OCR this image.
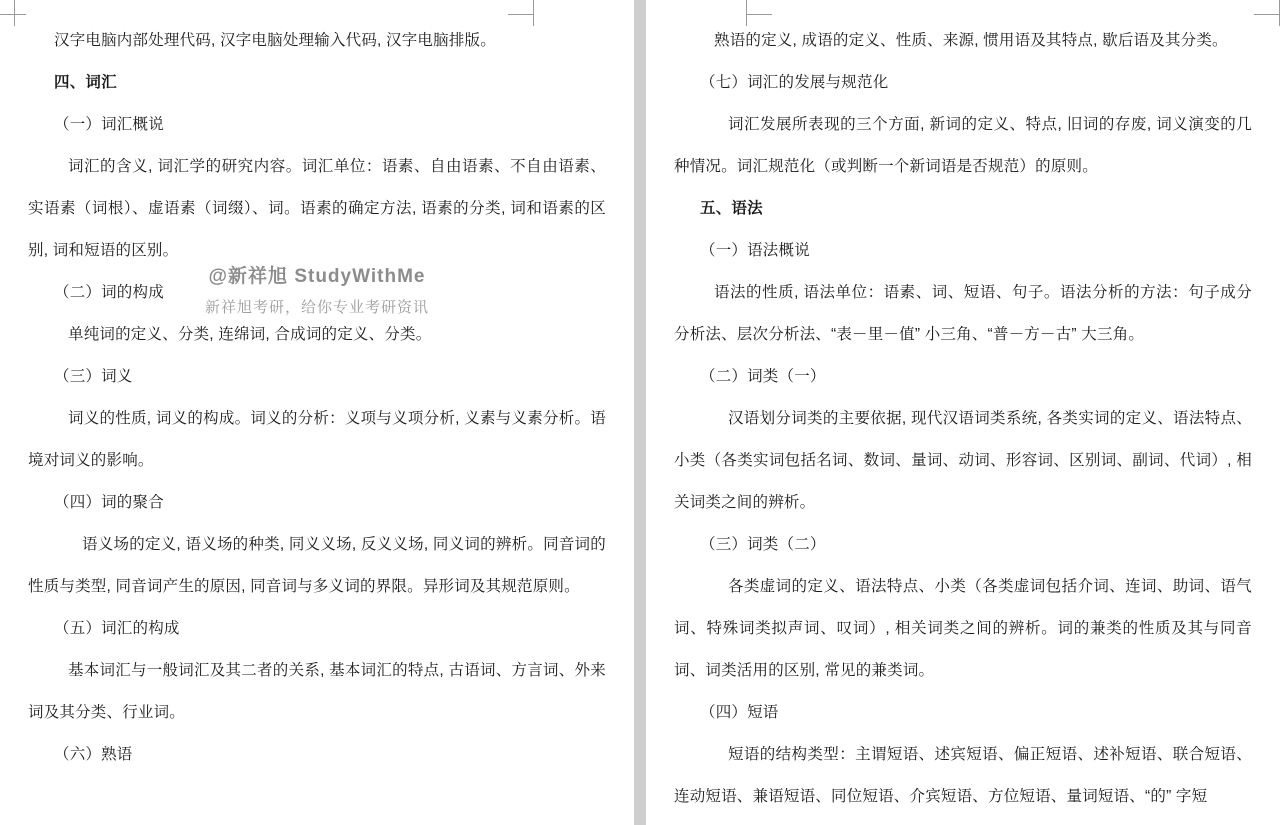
汉字电脑内部处理代码, 汉字电脑处理输入代码, 汉字电脑排版。

四、词汇

（一）词汇概说

词汇的含义, 词汇学的研究内容。词汇单位：语素、自由语素、不自由语素、实语素（词根）、虚语素（词缀）、词。语素的确定方法, 语素的分类, 词和语素的区别, 词和短语的区别。

（二）词的构成

单纯词的定义、分类, 连绵词, 合成词的定义、分类。

（三）词义

词义的性质, 词义的构成。词义的分析：义项与义项分析, 义素与义素分析。语境对词义的影响。

（四）词的聚合

语义场的定义, 语义场的种类, 同义义场, 反义义场, 同义词的辨析。同音词的性质与类型, 同音词产生的原因, 同音词与多义词的界限。异形词及其规范原则。

（五）词汇的构成

基本词汇与一般词汇及其二者的关系, 基本词汇的特点, 古语词、方言词、外来词及其分类、行业词。

（六）熟语

@新祥旭 StudyWithMe
新祥旭考研，给你专业考研资讯

熟语的定义, 成语的定义、性质、来源, 惯用语及其特点, 歇后语及其分类。

（七）词汇的发展与规范化

词汇发展所表现的三个方面, 新词的定义、特点, 旧词的存废, 词义演变的几种情况。词汇规范化（或判断一个新词语是否规范）的原则。

五、语法

（一）语法概说

语法的性质, 语法单位：语素、词、短语、句子。语法分析的方法：句子成分分析法、层次分析法、“表－里－值” 小三角、“普－方－古” 大三角。

（二）词类（一）

汉语划分词类的主要依据, 现代汉语词类系统, 各类实词的定义、语法特点、小类（各类实词包括名词、数词、量词、动词、形容词、区别词、副词、代词）, 相关词类之间的辨析。

（三）词类（二）

各类虚词的定义、语法特点、小类（各类虚词包括介词、连词、助词、语气词、特殊词类拟声词、叹词）, 相关词类之间的辨析。词的兼类的性质及其与同音词、词类活用的区别, 常见的兼类词。

（四）短语

短语的结构类型：主谓短语、述宾短语、偏正短语、述补短语、联合短语、连动短语、兼语短语、同位短语、介宾短语、方位短语、量词短语、“的” 字短
